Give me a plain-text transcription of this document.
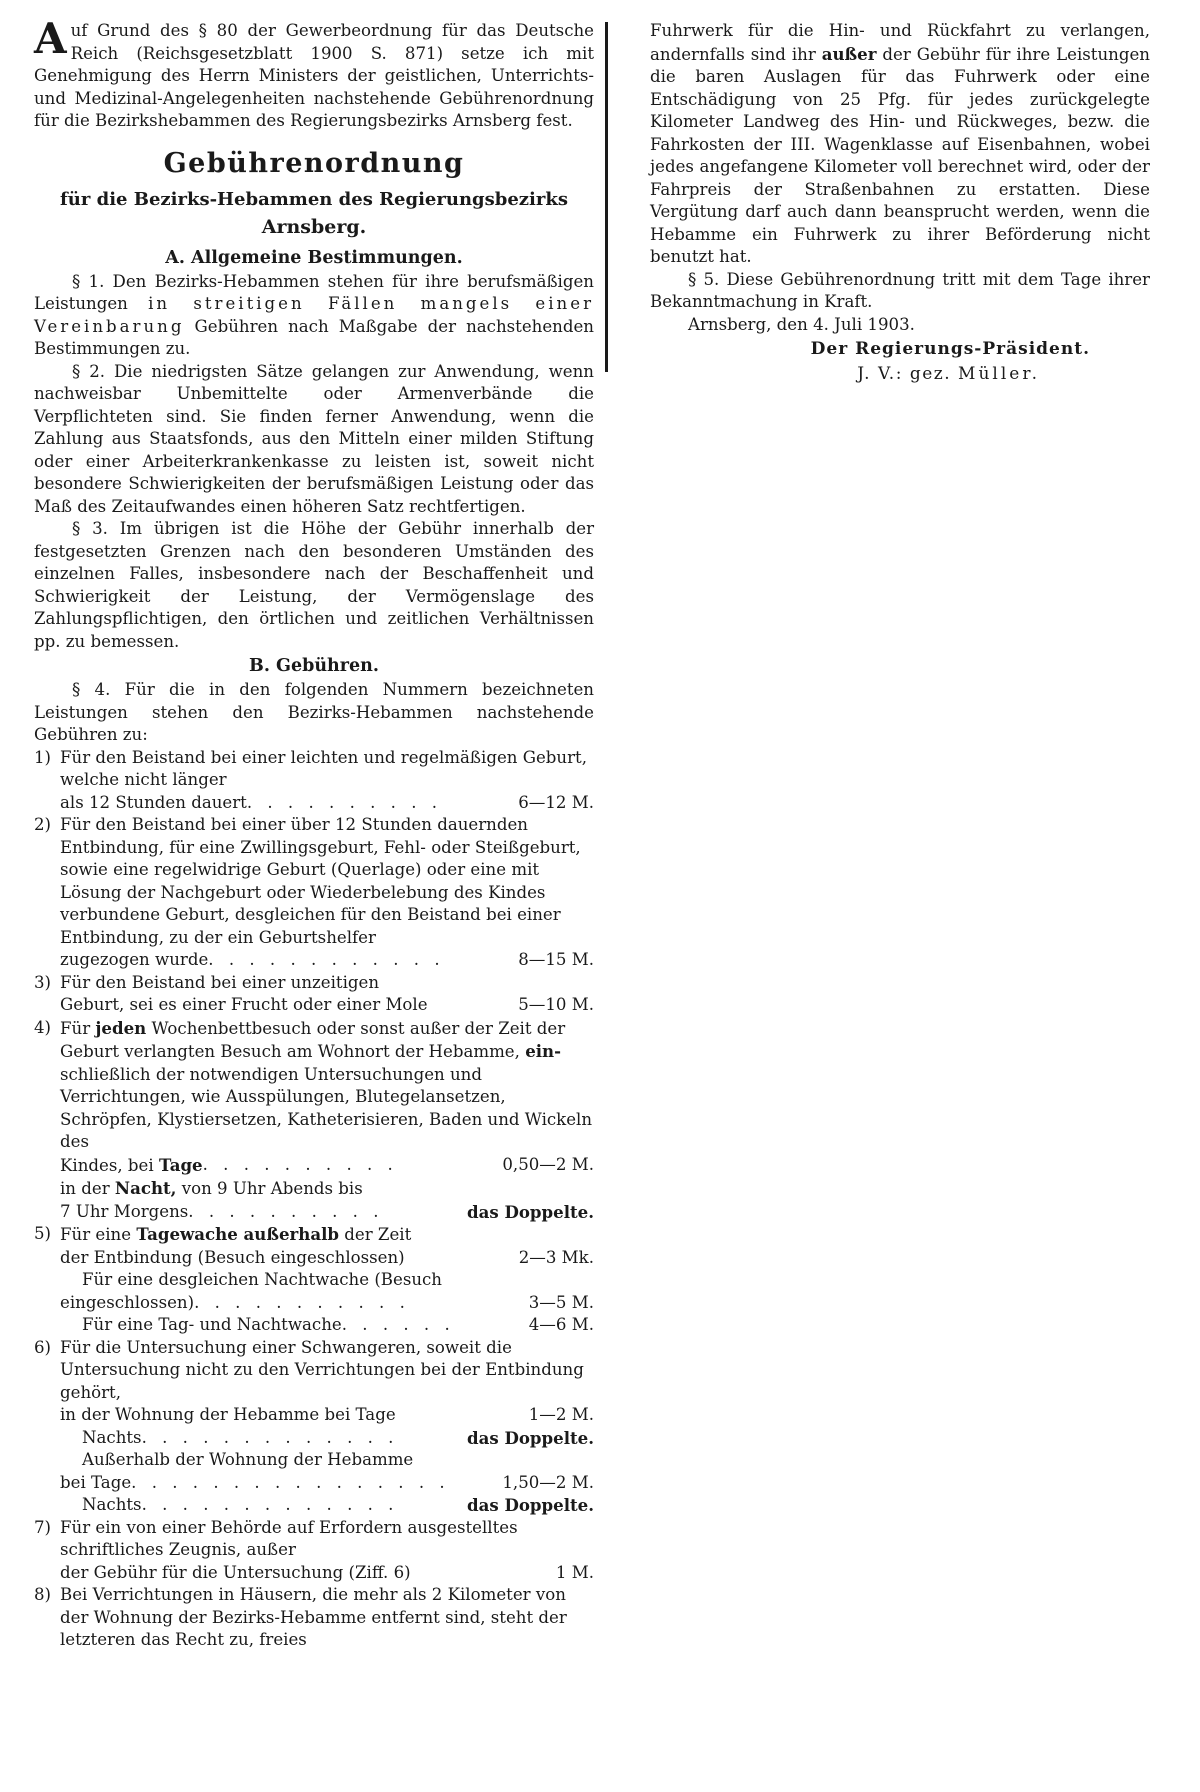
Auf Grund des § 80 der Gewerbeordnung für das Deutsche Reich (Reichsgesetzblatt 1900 S. 871) setze ich mit Genehmigung des Herrn Ministers der geistlichen, Unterrichts- und Medizinal-Angelegenheiten nachstehende Gebührenordnung für die Bezirkshebammen des Regierungsbezirks Arnsberg fest.

Gebührenordnung
für die Bezirks-Hebammen des Regierungsbezirks
Arnsberg.
A. Allgemeine Bestimmungen.

§ 1. Den Bezirks-Hebammen stehen für ihre berufsmäßigen Leistungen in streitigen Fällen mangels einer Vereinbarung Gebühren nach Maßgabe der nachstehenden Bestimmungen zu.

§ 2. Die niedrigsten Sätze gelangen zur Anwendung, wenn nachweisbar Unbemittelte oder Armenverbände die Verpflichteten sind. Sie finden ferner Anwendung, wenn die Zahlung aus Staatsfonds, aus den Mitteln einer milden Stiftung oder einer Arbeiterkrankenkasse zu leisten ist, soweit nicht besondere Schwierigkeiten der berufsmäßigen Leistung oder das Maß des Zeitaufwandes einen höheren Satz rechtfertigen.

§ 3. Im übrigen ist die Höhe der Gebühr innerhalb der festgesetzten Grenzen nach den besonderen Umständen des einzelnen Falles, insbesondere nach der Beschaffenheit und Schwierigkeit der Leistung, der Vermögenslage des Zahlungspflichtigen, den örtlichen und zeitlichen Verhältnissen pp. zu bemessen.

B. Gebühren.

§ 4. Für die in den folgenden Nummern bezeichneten Leistungen stehen den Bezirks-Hebammen nachstehende Gebühren zu:

1) Für den Beistand bei einer leichten und regelmäßigen Geburt, welche nicht länger
als 12 Stunden dauert . . . . . . . . . .	6—12 M.
2) Für den Beistand bei einer über 12 Stunden dauernden Entbindung, für eine Zwillingsgeburt, Fehl- oder Steißgeburt, sowie eine regelwidrige Geburt (Querlage) oder eine mit Lösung der Nachgeburt oder Wiederbelebung des Kindes verbundene Geburt, desgleichen für den Beistand bei einer Entbindung, zu der ein Geburtshelfer
zugezogen wurde . . . . . . . . . . . .	8—15 M.
3) Für den Beistand bei einer unzeitigen
Geburt, sei es einer Frucht oder einer Mole	5—10 M.
4) Für jeden Wochenbettbesuch oder sonst außer der Zeit der Geburt verlangten Besuch am Wohnort der Hebamme, ein-schließlich der notwendigen Untersuchungen und Verrichtungen, wie Ausspülungen, Blutegelansetzen, Schröpfen, Klystiersetzen, Katheterisieren, Baden und Wickeln des
Kindes, bei Tage . . . . . . . . . .	0,50—2 M.
in der Nacht, von 9 Uhr Abends bis
7 Uhr Morgens . . . . . . . . . .	das Doppelte.
5) Für eine Tagewache außerhalb der Zeit
der Entbindung (Besuch eingeschlossen)	2—3 Mk.
Für eine desgleichen Nachtwache (Besuch
eingeschlossen) . . . . . . . . . . .	3—5 M.
Für eine Tag- und Nachtwache . . . . . .	4—6 M.
6) Für die Untersuchung einer Schwangeren, soweit die Untersuchung nicht zu den Verrichtungen bei der Entbindung gehört,
in der Wohnung der Hebamme bei Tage	1—2 M.
Nachts . . . . . . . . . . . . .	das Doppelte.
Außerhalb der Wohnung der Hebamme
bei Tage . . . . . . . . . . . . . . . .	1,50—2 M.
Nachts . . . . . . . . . . . . .	das Doppelte.
7) Für ein von einer Behörde auf Erfordern ausgestelltes schriftliches Zeugnis, außer
der Gebühr für die Untersuchung (Ziff. 6)	1 M.
8) Bei Verrichtungen in Häusern, die mehr als 2 Kilometer von der Wohnung der Bezirks-Hebamme entfernt sind, steht der letzteren das Recht zu, freies

Fuhrwerk für die Hin- und Rückfahrt zu verlangen, andernfalls sind ihr außer der Gebühr für ihre Leistungen die baren Auslagen für das Fuhrwerk oder eine Entschädigung von 25 Pfg. für jedes zurückgelegte Kilometer Landweg des Hin- und Rückweges, bezw. die Fahrkosten der III. Wagenklasse auf Eisenbahnen, wobei jedes angefangene Kilometer voll berechnet wird, oder der Fahrpreis der Straßenbahnen zu erstatten. Diese Vergütung darf auch dann beansprucht werden, wenn die Hebamme ein Fuhrwerk zu ihrer Beförderung nicht benutzt hat.

§ 5. Diese Gebührenordnung tritt mit dem Tage ihrer Bekanntmachung in Kraft.

Arnsberg, den 4. Juli 1903.

Der Regierungs-Präsident.
J. V.: gez. Müller.
